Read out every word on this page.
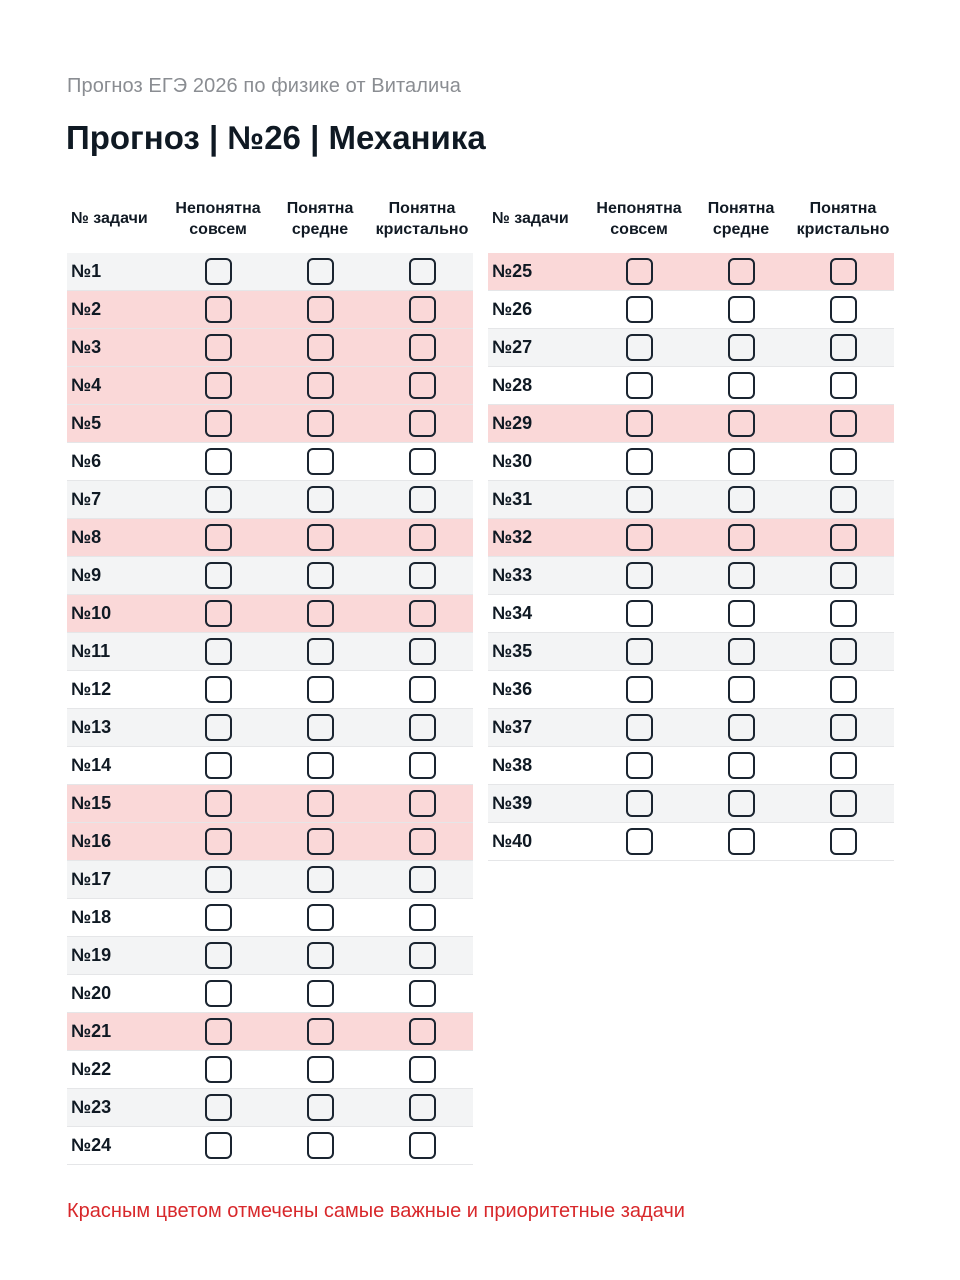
Прогноз ЕГЭ 2026 по физике от Виталича
Прогноз | №26 | Механика
№ задачи
Непонятна
совсем
Понятна
средне
Понятна
кристально
№1
№2
№3
№4
№5
№6
№7
№8
№9
№10
№11
№12
№13
№14
№15
№16
№17
№18
№19
№20
№21
№22
№23
№24
№ задачи
Непонятна
совсем
Понятна
средне
Понятна
кристально
№25
№26
№27
№28
№29
№30
№31
№32
№33
№34
№35
№36
№37
№38
№39
№40
Красным цветом отмечены самые важные и приоритетные задачи
